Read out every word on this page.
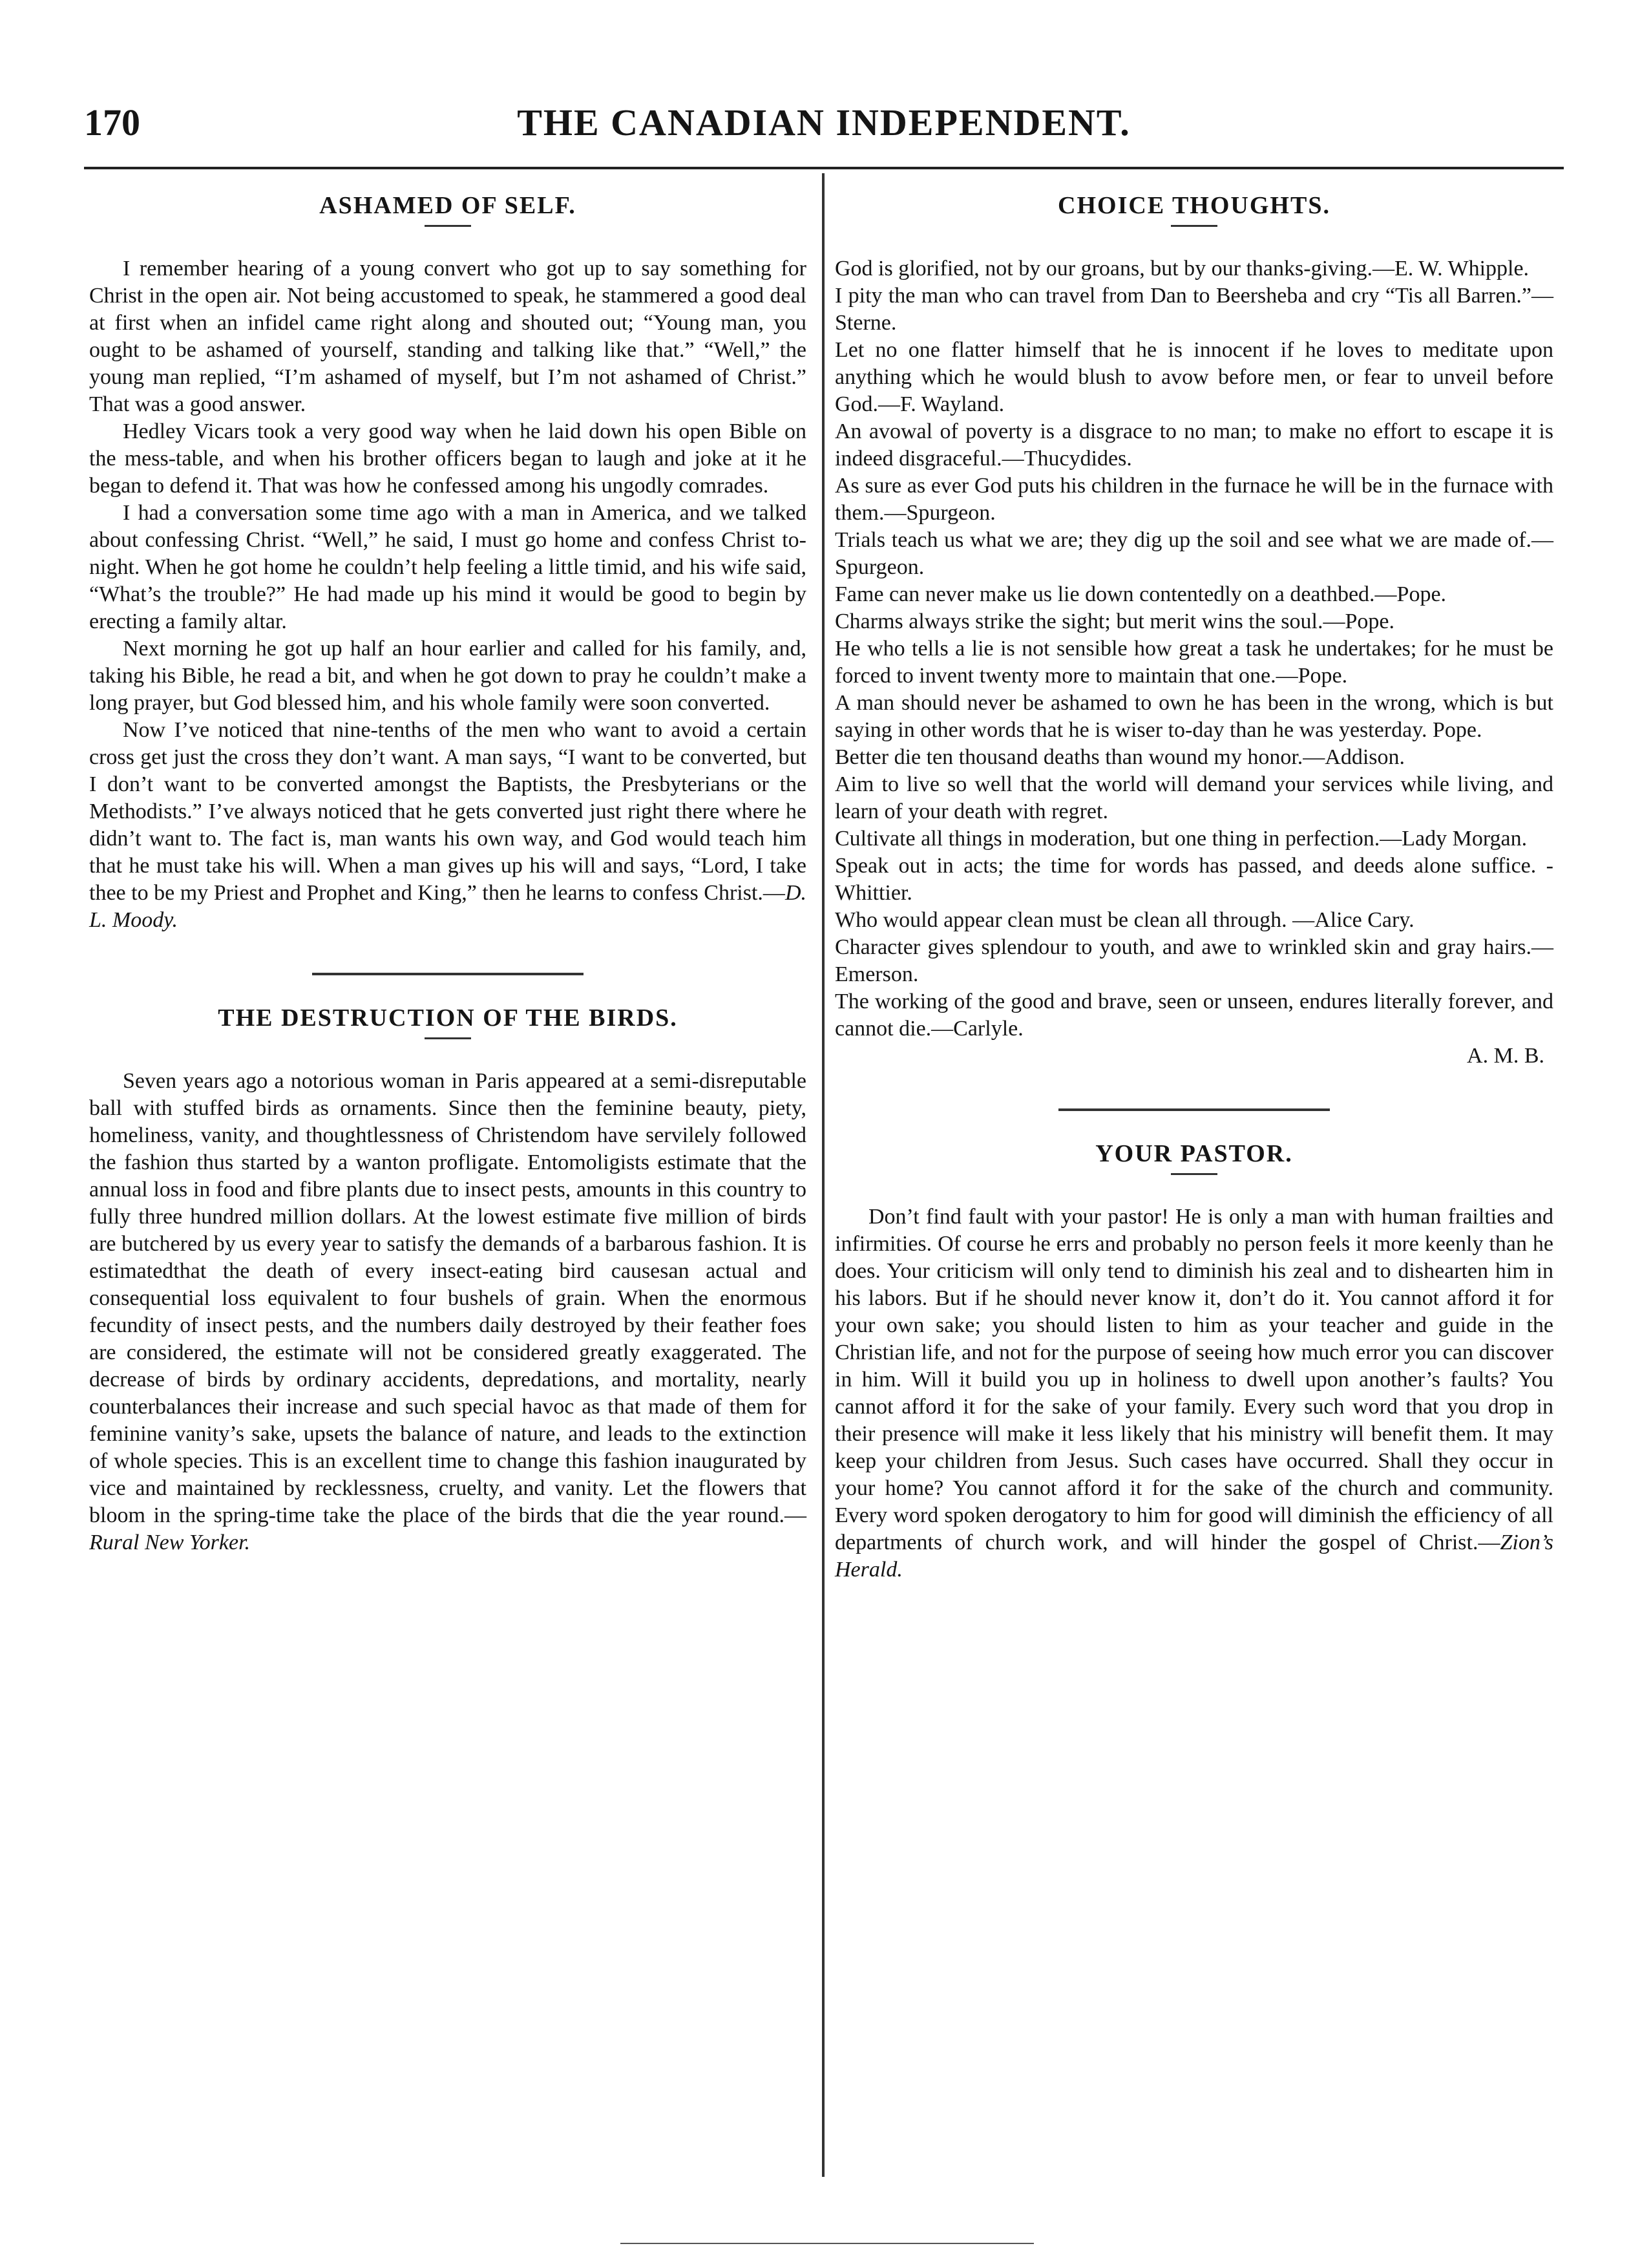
170	THE CANADIAN INDEPENDENT.
ASHAMED OF SELF.

I remember hearing of a young convert who got up to say something for Christ in the open air. Not being accustomed to speak, he stammered a good deal at first when an infidel came right along and shouted out; “Young man, you ought to be ashamed of yourself, standing and talking like that.” “Well,” the young man replied, “I’m ashamed of myself, but I’m not ashamed of Christ.” That was a good answer.

Hedley Vicars took a very good way when he laid down his open Bible on the mess-table, and when his brother officers began to laugh and joke at it he began to defend it. That was how he confessed among his ungodly comrades.

I had a conversation some time ago with a man in America, and we talked about confessing Christ. “Well,” he said, I must go home and confess Christ to-night. When he got home he couldn’t help feeling a little timid, and his wife said, “What’s the trouble?” He had made up his mind it would be good to begin by erecting a family altar.

Next morning he got up half an hour earlier and called for his family, and, taking his Bible, he read a bit, and when he got down to pray he couldn’t make a long prayer, but God blessed him, and his whole family were soon converted.

Now I’ve noticed that nine-tenths of the men who want to avoid a certain cross get just the cross they don’t want. A man says, “I want to be converted, but I don’t want to be converted amongst the Baptists, the Presbyterians or the Methodists.” I’ve always noticed that he gets converted just right there where he didn’t want to. The fact is, man wants his own way, and God would teach him that he must take his will. When a man gives up his will and says, “Lord, I take thee to be my Priest and Prophet and King,” then he learns to confess Christ.—D. L. Moody.

THE DESTRUCTION OF THE BIRDS.

Seven years ago a notorious woman in Paris appeared at a semi-disreputable ball with stuffed birds as ornaments. Since then the feminine beauty, piety, homeliness, vanity, and thoughtlessness of Christendom have servilely followed the fashion thus started by a wanton profligate. Entomoligists estimate that the annual loss in food and fibre plants due to insect pests, amounts in this country to fully three hundred million dollars. At the lowest estimate five million of birds are butchered by us every year to satisfy the demands of a barbarous fashion. It is estimatedthat the death of every insect-eating bird causesan actual and consequential loss equivalent to four bushels of grain. When the enormous fecundity of insect pests, and the numbers daily destroyed by their feather foes are considered, the estimate will not be considered greatly exaggerated. The decrease of birds by ordinary accidents, depredations, and mortality, nearly counterbalances their increase and such special havoc as that made of them for feminine vanity’s sake, upsets the balance of nature, and leads to the extinction of whole species. This is an excellent time to change this fashion inaugurated by vice and maintained by recklessness, cruelty, and vanity. Let the flowers that bloom in the spring-time take the place of the birds that die the year round.—Rural New Yorker.

CHOICE THOUGHTS.

God is glorified, not by our groans, but by our thanks-giving.—E. W. Whipple.

I pity the man who can travel from Dan to Beersheba and cry “Tis all Barren.”—Sterne.

Let no one flatter himself that he is innocent if he loves to meditate upon anything which he would blush to avow before men, or fear to unveil before God.—F. Wayland.

An avowal of poverty is a disgrace to no man; to make no effort to escape it is indeed disgraceful.—Thucydides.

As sure as ever God puts his children in the furnace he will be in the furnace with them.—Spurgeon.

Trials teach us what we are; they dig up the soil and see what we are made of.—Spurgeon.

Fame can never make us lie down contentedly on a deathbed.—Pope.

Charms always strike the sight; but merit wins the soul.—Pope.

He who tells a lie is not sensible how great a task he undertakes; for he must be forced to invent twenty more to maintain that one.—Pope.

A man should never be ashamed to own he has been in the wrong, which is but saying in other words that he is wiser to-day than he was yesterday. Pope.

Better die ten thousand deaths than wound my honor.—Addison.

Aim to live so well that the world will demand your services while living, and learn of your death with regret.

Cultivate all things in moderation, but one thing in perfection.—Lady Morgan.

Speak out in acts; the time for words has passed, and deeds alone suffice. -Whittier.

Who would appear clean must be clean all through. —Alice Cary.

Character gives splendour to youth, and awe to wrinkled skin and gray hairs.—Emerson.

The working of the good and brave, seen or unseen, endures literally forever, and cannot die.—Carlyle.

A. M. B.

YOUR PASTOR.

Don’t find fault with your pastor! He is only a man with human frailties and infirmities. Of course he errs and probably no person feels it more keenly than he does. Your criticism will only tend to diminish his zeal and to dishearten him in his labors. But if he should never know it, don’t do it. You cannot afford it for your own sake; you should listen to him as your teacher and guide in the Christian life, and not for the purpose of seeing how much error you can discover in him. Will it build you up in holiness to dwell upon another’s faults? You cannot afford it for the sake of your family. Every such word that you drop in their presence will make it less likely that his ministry will benefit them. It may keep your children from Jesus. Such cases have occurred. Shall they occur in your home? You cannot afford it for the sake of the church and community. Every word spoken derogatory to him for good will diminish the efficiency of all departments of church work, and will hinder the gospel of Christ.—Zion’s Herald.
